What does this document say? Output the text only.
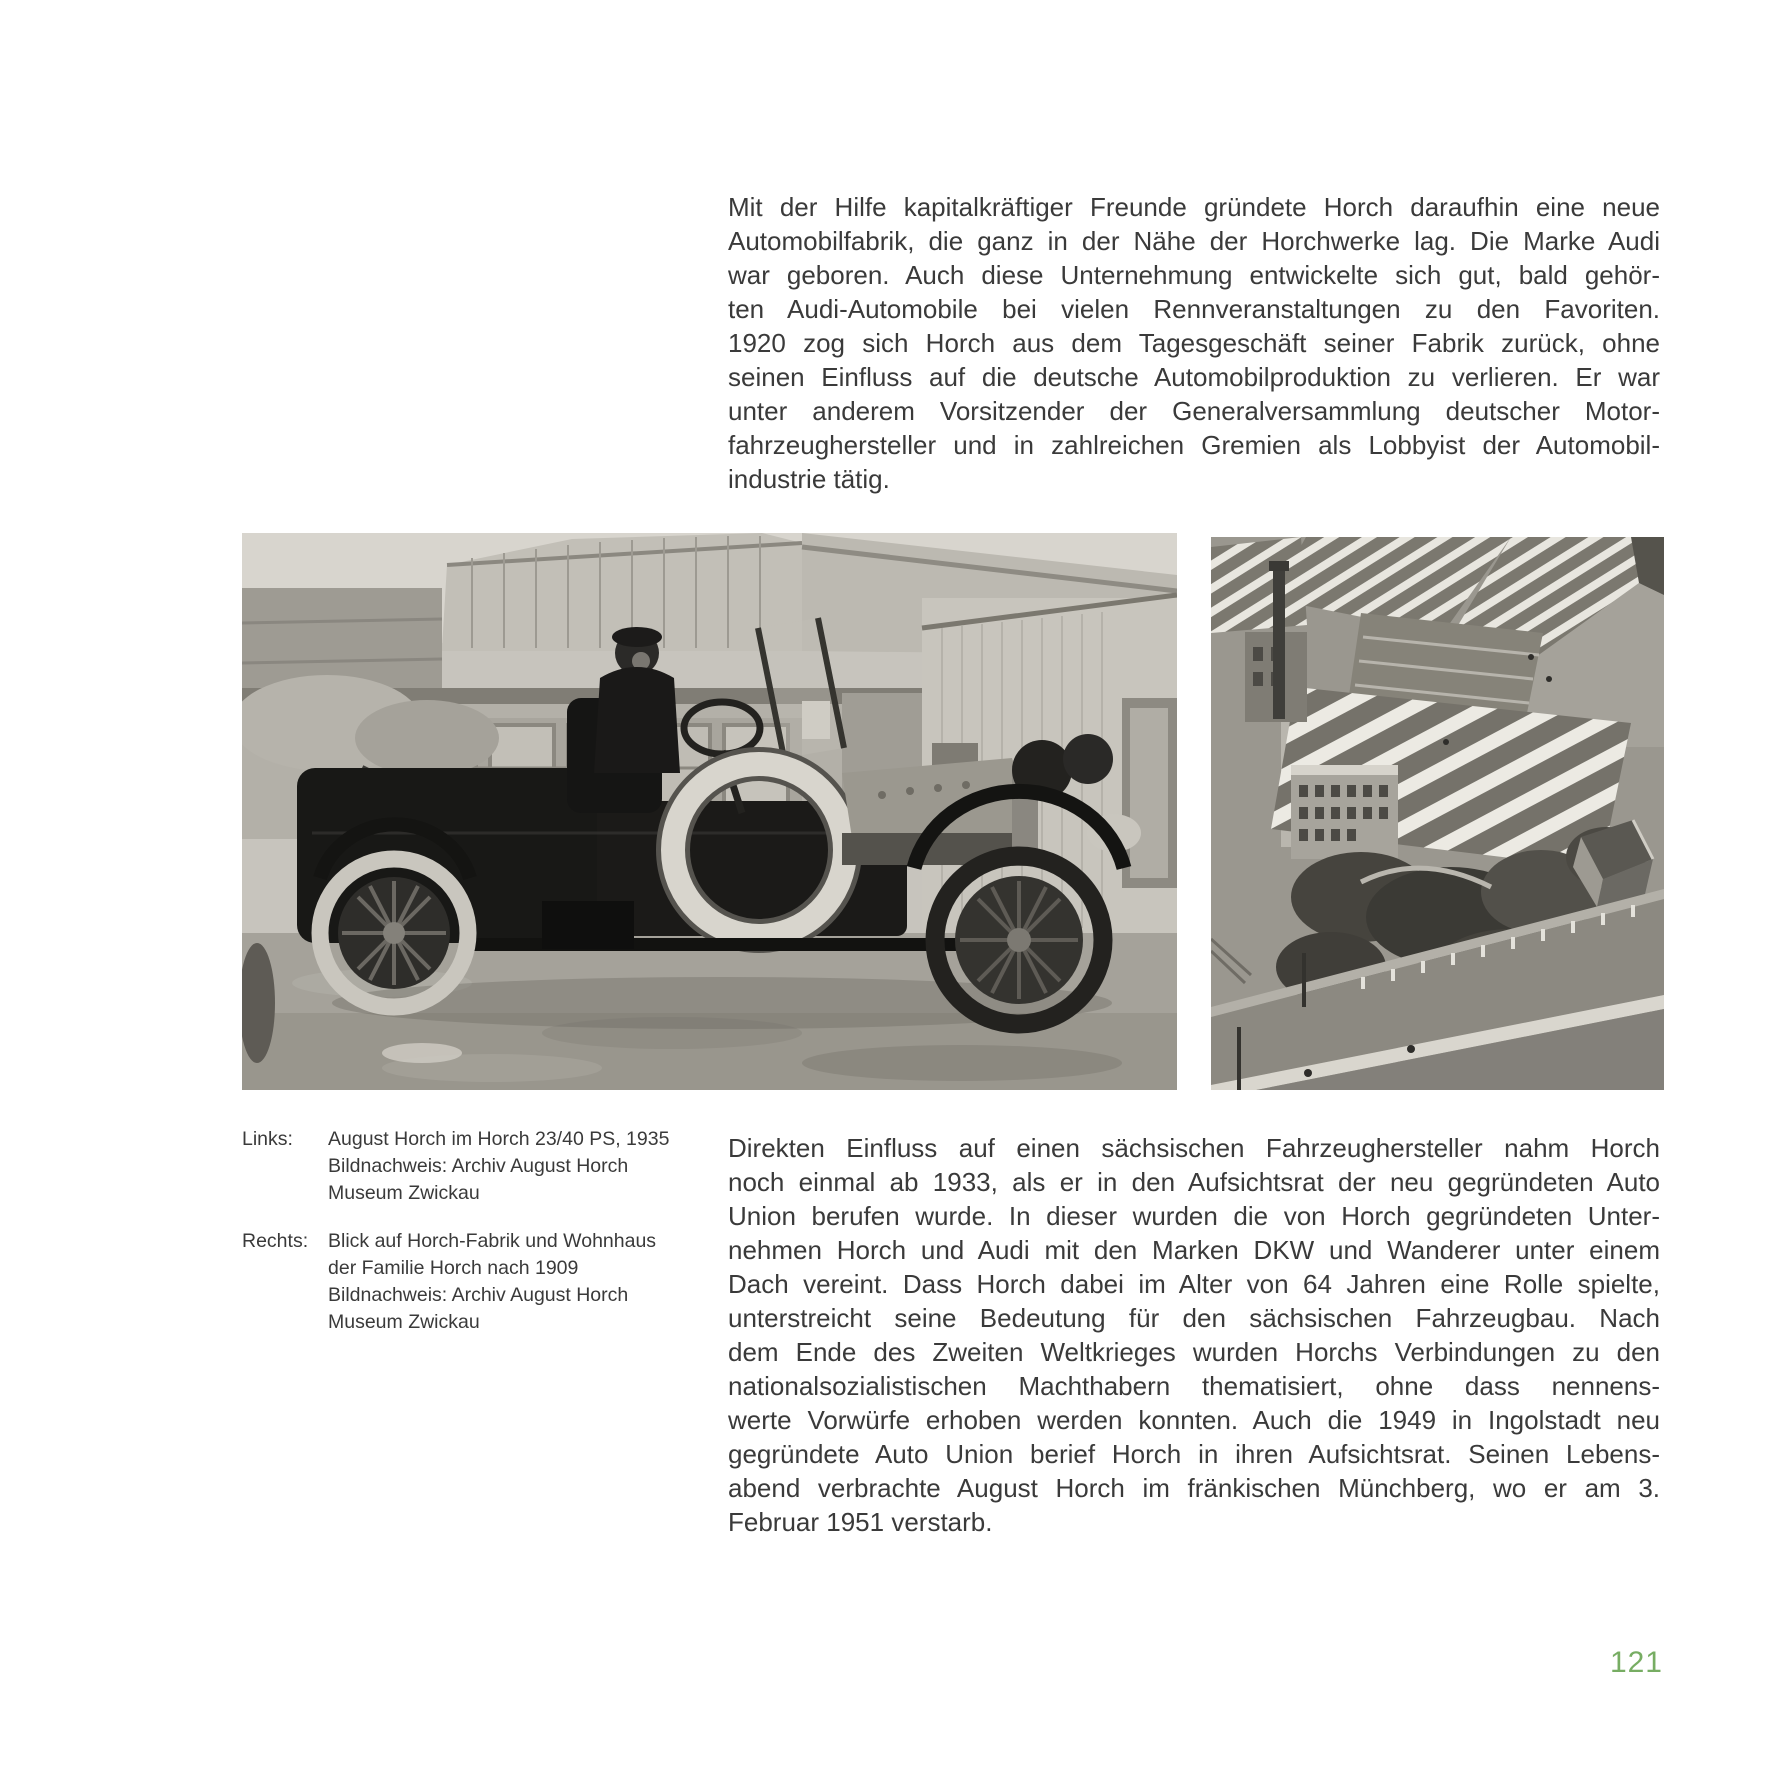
Mit der Hilfe kapitalkräftiger Freunde gründete Horch daraufhin eine neue
Automobilfabrik, die ganz in der Nähe der Horchwerke lag. Die Marke Audi
war geboren. Auch diese Unternehmung entwickelte sich gut, bald gehör-
ten Audi-Automobile bei vielen Rennveranstaltungen zu den Favoriten.
1920 zog sich Horch aus dem Tagesgeschäft seiner Fabrik zurück, ohne
seinen Einfluss auf die deutsche Automobilproduktion zu verlieren. Er war
unter anderem Vorsitzender der Generalversammlung deutscher Motor-
fahrzeughersteller und in zahlreichen Gremien als Lobbyist der Automobil-
industrie tätig.
Links:	August Horch im Horch 23/40 PS, 1935
Bildnachweis: Archiv August Horch
Museum Zwickau
Rechts:	Blick auf Horch-Fabrik und Wohnhaus
der Familie Horch nach 1909
Bildnachweis: Archiv August Horch
Museum Zwickau
Direkten Einfluss auf einen sächsischen Fahrzeughersteller nahm Horch
noch einmal ab 1933, als er in den Aufsichtsrat der neu gegründeten Auto
Union berufen wurde. In dieser wurden die von Horch gegründeten Unter-
nehmen Horch und Audi mit den Marken DKW und Wanderer unter einem
Dach vereint. Dass Horch dabei im Alter von 64 Jahren eine Rolle spielte,
unterstreicht seine Bedeutung für den sächsischen Fahrzeugbau. Nach
dem Ende des Zweiten Weltkrieges wurden Horchs Verbindungen zu den
nationalsozialistischen Machthabern thematisiert, ohne dass nennens-
werte Vorwürfe erhoben werden konnten. Auch die 1949 in Ingolstadt neu
gegründete Auto Union berief Horch in ihren Aufsichtsrat. Seinen Lebens-
abend verbrachte August Horch im fränkischen Münchberg, wo er am 3.
Februar 1951 verstarb.
121
